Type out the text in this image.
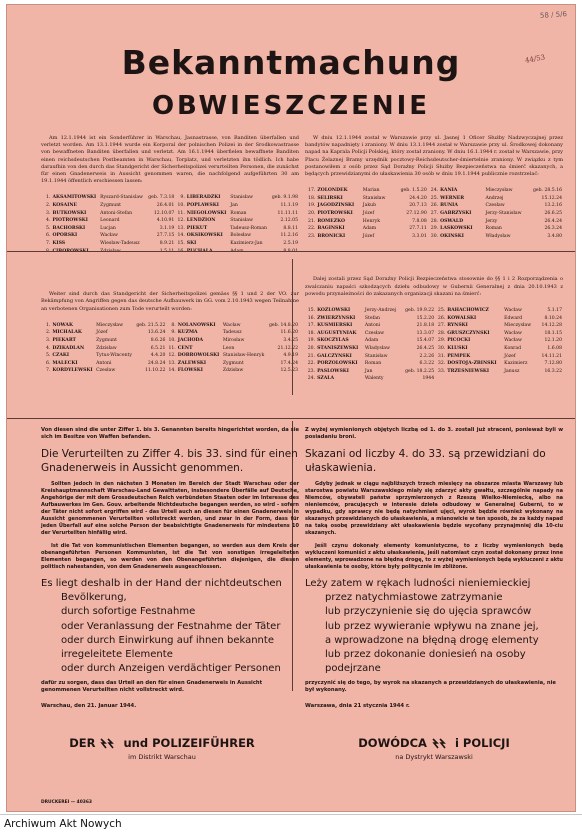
58 / 5/6
44/53
Bekanntmachung
OBWIESZCZENIE

Am 12.1.1944 ist ein Sonderführer in Warschau, Jasnastrasse, von Banditen überfallen und verletzt worden. Am 13.1.1944 wurde ein Korporal der polnischen Polizei in der Srodkowastrasse von bewaffneten Banditen überfallen und verletzt. Am 16.1.1944 überfielen bewaffnete Banditen einen reichsdeutschen Postbeamten in Warschau, Torplatz, und verletzten ihn tödlich. Ich habe daraufhin von den durch das Standgericht der Sicherheitspolizei verurteilten Personen, die zunächst für einen Gnadenerweis in Aussicht genommen waren, die nachfolgend aufgeführten 30 am 19.1.1944 öffentlich erschiessen lassen:

1.	AKSAMITOWSKI	Ryszard-Stanislaw	geb. 7.3.18	9.	LIBERADZKI	Stanisław	geb. 9.1.98
2.	KOSAINE	Zygmunt	26.4.01	10.	POPLAWSKI	Jan	11.1.19
3.	BUTKOWSKI	Antoni-Stefan	12.10.07	11.	NIEGOLOWSKI	Roman	11.11.11
4.	PIOTROWSKI	Leonard	4.10.91	12.	LENDZION	Stanisław	2.12.05
5.	BACHORSKI	Lucjan	3.1.19	13.	PIEKUT	Tadeusz-Roman	8.8.11
6.	OPORSKI	Wacław	27.7.15	14.	OKSIKOWSKI	Bolesław	11.2.16
7.	KISS	Wiesław-Tadeusz	8.9.21	15.	SKI	Kazimierz-Jan	2.5.19
8.	CIBOROWSKI	Zdzisław	1.5.11	16.	PUCHALA	Adam	8.8.01

Weiter sind durch das Standgericht der Sicherheitspolizei gemäss §§ 1 und 2 der VO. zur Bekämpfung von Angriffen gegen das deutsche Aufbauwerk im GG. vom 2.10.1943 wegen Teilnahme an verbotenen Organisationen zum Tode verurteilt worden:

1.	NOWAK	Mieczysław	geb. 21.5.22	8.	NOLANOWSKI	Wacław	geb. 14.8.20
2.	MICHALAK	Józef	13.6.24	9.	KUZMA	Tadeusz	11.6.20
3.	PIEKART	Zygmunt	8.6.26	10.	JACHODA	Mirosław	3.4.25
4.	DZIKADLAN	Zdzisław	6.5.21	11.	CENT	Leon	21.12.22
5.	CZAKI	Tytus-Wincenty	4.4.20	12.	DOBROWOLSKI	Stanisław-Henryk	4.9.19
6.	MALECKI	Antoni	24.8.24	13.	ZALEWSKI	Zygmunt	17.4.24
7.	KORDYLEWSKI	Czesław	11.10.22	14.	FLOWSKI	Zdzisław	12.5.23

W dniu 12.1.1944 został w Warszawie przy ul. Jasnej 1 Oficer Służby Nadzwyczajnej przez bandytów napadnięty i zraniony. W dniu 13.1.1944 został w Warszawie przy ul. Środkowej dokonany napad na Kaprala Policji Polskiej, który został zraniony. W dniu 16.1.1944 r. został w Warszawie, przy Placu Żelaznej Bramy urzędnik pocztowy-Reichsdeutscher-śmiertelnie zraniony. W związku z tym postanowiłem z osób przez Sąd Doraźny Policji Służby Bezpieczeństwa na śmierć skazanych, a będących przewidzianymi do ułaskawienia 30 osób w dniu 19.1.1944 publicznie rozstrzelać:

17.	ZOLONDEK	Marian	geb. 1.5.20	24.	KANIA	Mieczysław	geb. 28.5.16
18.	SELIRSKI	Stanisław	24.4.20	25.	WERNER	Andrzej	15.12.24
19.	JAGODZINSKI	Jakub	20.7.13	26.	BUNIA	Czesław	13.2.16
20.	PIOTROWSKI	Józef	27.12.90	27.	GABRZYSKI	Jerzy-Stanisław	26.6.25
21.	ROMEZKO	Henryk	7.8.08	28.	OSWALD	Jerzy	26.4.24
22.	BAGINSKI	Adam	27.7.11	29.	LASKOWSKI	Roman	26.3.24
23.	BRONICKI	Józef	3.3.01	30.	OKINSKI	Władysław	3.4.80

Dalej zostali przez Sąd Doraźny Policji Bezpieczeństwa stosownie do §§ 1 i 2 Rozporządzenia o zwalczaniu napaści szkodzących dziełu odbudowy w Gubernii Generalnej z dnia 20.10.1943 z powodu przynależności do zakazanych organizacji skazani na śmierć:

15.	KOZLOWSKI	Jerzy-Andrzej	geb. 19.9.22	25.	BAHACHOWICZ	Wacław	5.1.17
16.	ZWIERZYNSKI	Stefan	15.2.20	26.	KOWALSKI	Edward	8.10.24
17.	KUSMIERSKI	Antoni	21.8.18	27.	RYNSKI	Mieczysław	14.12.28
18.	AUGUSTYNIAK	Czesław	13.3.07	28.	GRUSZCZYNSKI	Wacław	18.1.15
19.	SKOCZYLAS	Adam	15.4.07	29.	PICOCKI	Wacław	12.1.20
20.	STANISZEWSKI	Władysław	26.4.25	30.	KLUSKI	Konrad	1.6.08
21.	GALCZYNSKI	Stanisław	2.2.26	31.	PEMPEK	Józef	14.11.21
22.	PORZOLOWSKI	Roman	6.3.22	32.	DOSTOJA-ZBINSKI	Kazimierz	7.12.80
23.	PASLOWSKI	Jan	geb. 18.2.25	33.	TRZESNIEWSKI	Janusz	16.3.22
24.	SZALA	Walenty	1944				

Von diesen sind die unter Ziffer 1. bis 3. Genannten bereits hingerichtet worden, da sie sich im Besitze von Waffen befanden.

Die Verurteilten zu Ziffer 4. bis 33. sind für einen Gnadenerweis in Aussicht genommen.

Sollten jedoch in den nächsten 3 Monaten im Bereich der Stadt Warschau oder der Kreishauptmannschaft Warschau-Land Gewalttaten, insbesondere Überfälle auf Deutsche, Angehörige der mit dem Grossdeutschen Reich verbündeten Staaten oder im Interesse des Aufbauwerkes im Gen. Gouv. arbeitende Nichtdeutsche begangen werden, so wird - sofern der Täter nicht sofort ergriffen wird - das Urteil auch an diesen für einen Gnadenerweis in Aussicht genommenen Verurteilten vollstreckt werden, und zwar in der Form, dass für jeden Überfall auf eine solche Person der beabsichtigte Gnadenerweis für mindestens 10 der Verurteilten hinfällig wird.

Ist die Tat von kommunistischen Elementen begangen, so werden aus dem Kreis der obenangeführten Personen Kommunisten, ist die Tat von sonstigen irregeleiteten Elementen begangen, so werden von den Obenangeführten diejenigen, die diesen politisch nahestanden, von dem Gnadenerweis ausgeschlossen.

Es liegt deshalb in der Hand der nichtdeutschen

Bevölkerung,

durch sofortige Festnahme

oder Veranlassung der Festnahme der Täter

oder durch Einwirkung auf ihnen bekannte irregeleitete Elemente

oder durch Anzeigen verdächtiger Personen

dafür zu sorgen, dass das Urteil an den für einen Gnadenerweis in Aussicht genommenen Verurteilten nicht vollstreckt wird.

Z wyżej wymienionych objętych liczbą od 1. do 3. zostali już straceni, ponieważ byli w posiadaniu broni.

Skazani od liczby 4. do 33. są przewidziani do ułaskawienia.

Gdyby jednak w ciągu najbliższych trzech miesięcy na obszarze miasta Warszawy lub starostwa powiatu Warszawskiego miały się zdarzyć akty gwałtu, szczególnie napady na Niemców, obywateli państw sprzymierzonych z Rzeszą Wielko-Niemiecką, albo na nieniemców, pracujących w interesie dzieła odbudowy w Generalnej Guberni, to w wypadku, gdy sprawcy nie będą natychmiast ujęci, wyrok będzie również wykonany na skazanych przewidzianych do ułaskawienia, a mianowicie w ten sposób, że za każdy napad na taką osobę przewidziany akt ułaskawienia będzie wycofany przynajmniej dla 10-ciu skazanych.

Jeśli czynu dokonały elementy komunistyczne, to z liczby wymienionych będą wykluczeni komuniści z aktu ułaskawienia, jeśli natomiast czyn został dokonany przez inne elementy, wprowadzone na błędną drogę, to z wyżej wymienionych będą wykluczeni z aktu ułaskawienia te osoby, które były politycznie im zbliżone.

Leży zatem w rękach ludności nieniemieckiej

przez natychmiastowe zatrzymanie

lub przyczynienie się do ujęcia sprawców

lub przez wywieranie wpływu na znane jej,

a wprowadzone na błędną drogę elementy

lub przez dokonanie doniesień na osoby podejrzane

przyczynić się do tego, by wyrok na skazanych a przewidzianych do ułaskawienia, nie był wykonany.

Warschau, den 21. Januar 1944.	Warszawa, dnia 21 stycznia 1944 r.
DER und POLIZEIFÜHRER
im Distrikt Warschau
DOWÓDCA i POLICJI
na Dystrykt Warszawski
DRUCKEREI — 40363
Archiwum Akt Nowych
